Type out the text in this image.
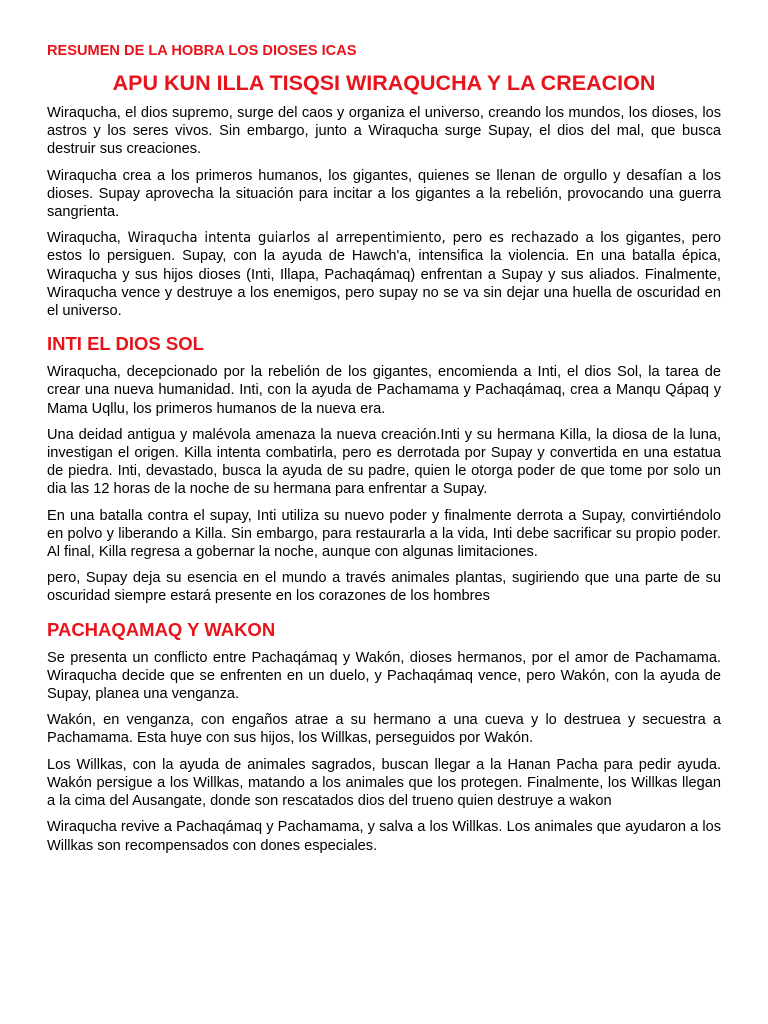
RESUMEN DE LA HOBRA LOS DIOSES ICAS
APU KUN ILLA TISQSI WIRAQUCHA Y LA CREACION

Wiraqucha, el dios supremo, surge del caos y organiza el universo, creando los mundos, los dioses, los astros y los seres vivos. Sin embargo, junto a Wiraqucha surge Supay, el dios del mal, que busca destruir sus creaciones.

Wiraqucha crea a los primeros humanos, los gigantes, quienes se llenan de orgullo y desafían a los dioses. Supay aprovecha la situación para incitar a los gigantes a la rebelión, provocando una guerra sangrienta.

Wiraqucha, Wiraqucha intenta guiarlos al arrepentimiento, pero es rechazado a los gigantes, pero estos lo persiguen. Supay, con la ayuda de Hawch'a, intensifica la violencia. En una batalla épica, Wiraqucha y sus hijos dioses (Inti, Illapa, Pachaqámaq) enfrentan a Supay y sus aliados. Finalmente, Wiraqucha vence y destruye a los enemigos, pero supay no se va sin dejar una huella de oscuridad en el universo.

INTI EL DIOS SOL

Wiraqucha, decepcionado por la rebelión de los gigantes, encomienda a Inti, el dios Sol, la tarea de crear una nueva humanidad. Inti, con la ayuda de Pachamama y Pachaqámaq, crea a Manqu Qápaq y Mama Uqllu, los primeros humanos de la nueva era.

Una deidad antigua y malévola amenaza la nueva creación.Inti y su hermana Killa, la diosa de la luna, investigan el origen. Killa intenta combatirla, pero es derrotada por Supay y convertida en una estatua de piedra. Inti, devastado, busca la ayuda de su padre, quien le otorga poder de que tome por solo un dia las 12 horas de la noche de su hermana para enfrentar a Supay.

En una batalla contra el supay, Inti utiliza su nuevo poder y finalmente derrota a Supay, convirtiéndolo en polvo y liberando a Killa. Sin embargo, para restaurarla a la vida, Inti debe sacrificar su propio poder. Al final, Killa regresa a gobernar la noche, aunque con algunas limitaciones.

pero, Supay deja su esencia en el mundo a través animales plantas, sugiriendo que una parte de su oscuridad siempre estará presente en los corazones de los hombres

PACHAQAMAQ Y WAKON

Se presenta un conflicto entre Pachaqámaq y Wakón, dioses hermanos, por el amor de Pachamama. Wiraqucha decide que se enfrenten en un duelo, y Pachaqámaq vence, pero Wakón, con la ayuda de Supay, planea una venganza.

Wakón, en venganza, con engaños atrae a su hermano a una cueva y lo destruea y secuestra a Pachamama. Esta huye con sus hijos, los Willkas, perseguidos por Wakón.

Los Willkas, con la ayuda de animales sagrados, buscan llegar a la Hanan Pacha para pedir ayuda. Wakón persigue a los Willkas, matando a los animales que los protegen. Finalmente, los Willkas llegan a la cima del Ausangate, donde son rescatados dios del trueno quien destruye a wakon

Wiraqucha revive a Pachaqámaq y Pachamama, y salva a los Willkas. Los animales que ayudaron a los Willkas son recompensados con dones especiales.
